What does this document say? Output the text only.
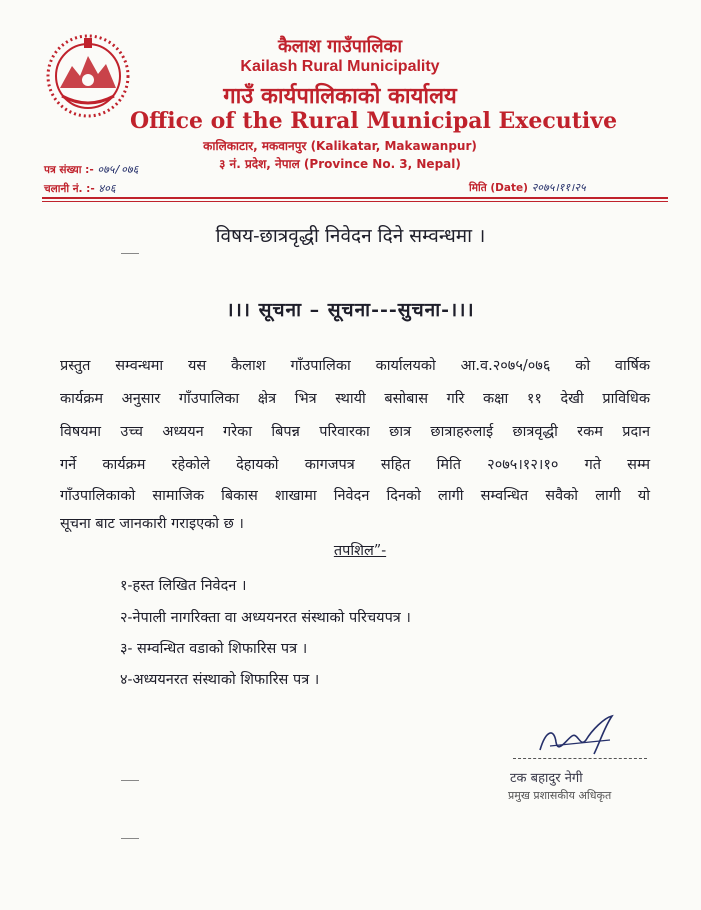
कैलाश गाउँपालिका
Kailash Rural Municipality
गाउँ कार्यपालिकाको कार्यालय
Office of the Rural Municipal Executive
कालिकाटार, मकवानपुर (Kalikatar, Makawanpur)
३ नं. प्रदेश, नेपाल (Province No. 3, Nepal)
पत्र संख्या :- ०७५/०७६
चलानी नं. :- ४०६	मिति (Date) २०७५।११।२५
विषय-छात्रवृद्धी निवेदन दिने सम्वन्धमा ।
।।। सूचना – सूचना---सुचना-।।।
प्रस्तुत सम्वन्धमा यस कैलाश गाँउपालिका कार्यालयको आ.व.२०७५/०७६ को वार्षिक
कार्यक्रम अनुसार गाँउपालिका क्षेत्र भित्र स्थायी बसोबास गरि कक्षा ११ देखी प्राविधिक
विषयमा उच्च अध्ययन गरेका बिपन्न परिवारका छात्र छात्राहरुलाई छात्रवृद्धी रकम प्रदान
गर्ने कार्यक्रम रहेकोले देहायको कागजपत्र सहित मिति २०७५।१२।१० गते सम्म
गाँउपालिकाको सामाजिक बिकास शाखामा निवेदन दिनको लागी सम्वन्धित सवैको लागी यो
सूचना बाट जानकारी गराइएको छ ।
तपशिल”-
१-हस्त लिखित निवेदन ।
२-नेपाली नागरिक्ता वा अध्ययनरत संस्थाको परिचयपत्र ।
३- सम्वन्धित वडाको शिफारिस पत्र ।
४-अध्ययनरत संस्थाको शिफारिस पत्र ।
टक बहादुर नेगी
प्रमुख प्रशासकीय अधिकृत
